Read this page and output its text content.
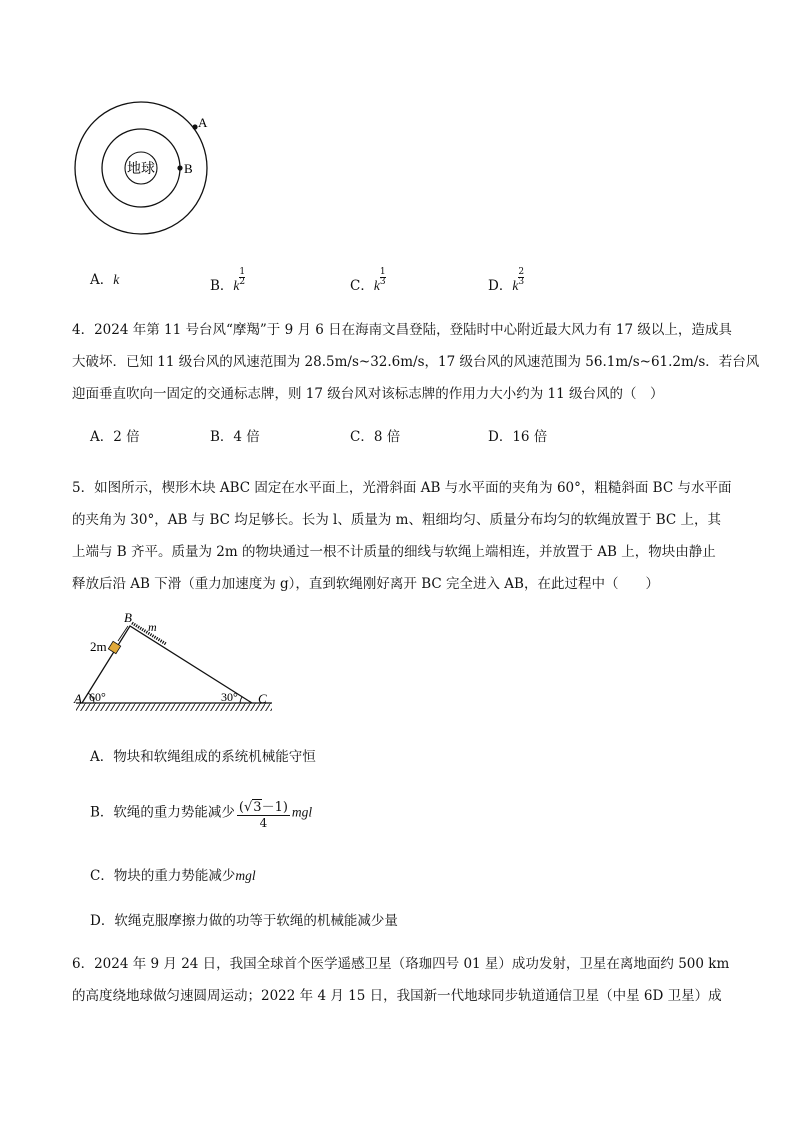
地球
A
B
A．k	B．k $^{\frac{1}{2}}$	C．k $^{\frac{1}{3}}$	D．k $^{\frac{2}{3}}$
4．2024 年第 11 号台风“摩羯”于 9 月 6 日在海南文昌登陆，登陆时中心附近最大风力有 17 级以上，造成具
大破坏．已知 11 级台风的风速范围为 28.5m/s~32.6m/s，17 级台风的风速范围为 56.1m/s~61.2m/s．若台风
迎面垂直吹向一固定的交通标志牌，则 17 级台风对该标志牌的作用力大小约为 11 级台风的（　）
A．2 倍	B．4 倍	C．8 倍	D．16 倍
5．如图所示，楔形木块 ABC 固定在水平面上，光滑斜面 AB 与水平面的夹角为 60°，粗糙斜面 BC 与水平面
的夹角为 30°，AB 与 BC 均足够长。长为 l、质量为 m、粗细均匀、质量分布均匀的软绳放置于 BC 上，其
上端与 B 齐平。质量为 2m 的物块通过一根不计质量的细线与软绳上端相连，并放置于 AB 上，物块由静止
释放后沿 AB 下滑（重力加速度为 g），直到软绳刚好离开 BC 完全进入 AB，在此过程中（　　）
B
m
2m
A 60°	30° C
A．物块和软绳组成的系统机械能守恒
B．软绳的重力势能减少 $\frac{(√3-1)}{4}$ mgl
C．物块的重力势能减少mgl
D．软绳克服摩擦力做的功等于软绳的机械能减少量
6．2024 年 9 月 24 日，我国全球首个医学遥感卫星（珞珈四号 01 星）成功发射，卫星在离地面约 500 km
的高度绕地球做匀速圆周运动；2022 年 4 月 15 日，我国新一代地球同步轨道通信卫星（中星 6D 卫星）成
